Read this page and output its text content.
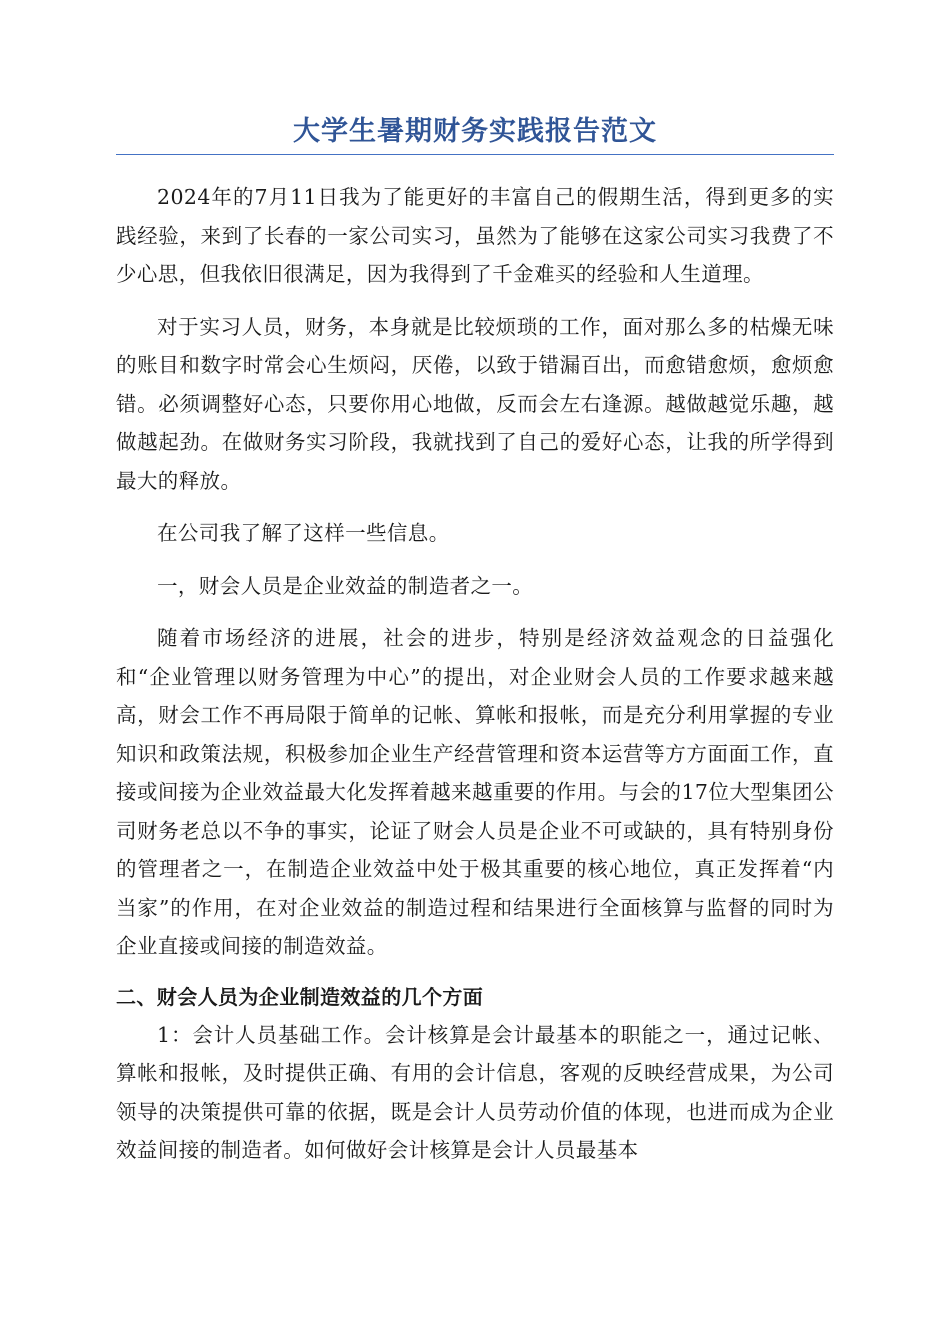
大学生暑期财务实践报告范文

2024年的7月11日我为了能更好的丰富自己的假期生活，得到更多的实践经验，来到了长春的一家公司实习，虽然为了能够在这家公司实习我费了不少心思，但我依旧很满足，因为我得到了千金难买的经验和人生道理。

对于实习人员，财务，本身就是比较烦琐的工作，面对那么多的枯燥无味的账目和数字时常会心生烦闷，厌倦，以致于错漏百出，而愈错愈烦，愈烦愈错。必须调整好心态，只要你用心地做，反而会左右逢源。越做越觉乐趣，越做越起劲。在做财务实习阶段，我就找到了自己的爱好心态，让我的所学得到最大的释放。

在公司我了解了这样一些信息。

一，财会人员是企业效益的制造者之一。

随着市场经济的进展，社会的进步，特别是经济效益观念的日益强化和“企业管理以财务管理为中心”的提出，对企业财会人员的工作要求越来越高，财会工作不再局限于简单的记帐、算帐和报帐，而是充分利用掌握的专业知识和政策法规，积极参加企业生产经营管理和资本运营等方方面面工作，直接或间接为企业效益最大化发挥着越来越重要的作用。与会的17位大型集团公司财务老总以不争的事实，论证了财会人员是企业不可或缺的，具有特别身份的管理者之一，在制造企业效益中处于极其重要的核心地位，真正发挥着“内当家”的作用，在对企业效益的制造过程和结果进行全面核算与监督的同时为企业直接或间接的制造效益。

二、财会人员为企业制造效益的几个方面

1：会计人员基础工作。会计核算是会计最基本的职能之一，通过记帐、算帐和报帐，及时提供正确、有用的会计信息，客观的反映经营成果，为公司领导的决策提供可靠的依据，既是会计人员劳动价值的体现，也进而成为企业效益间接的制造者。如何做好会计核算是会计人员最基本
